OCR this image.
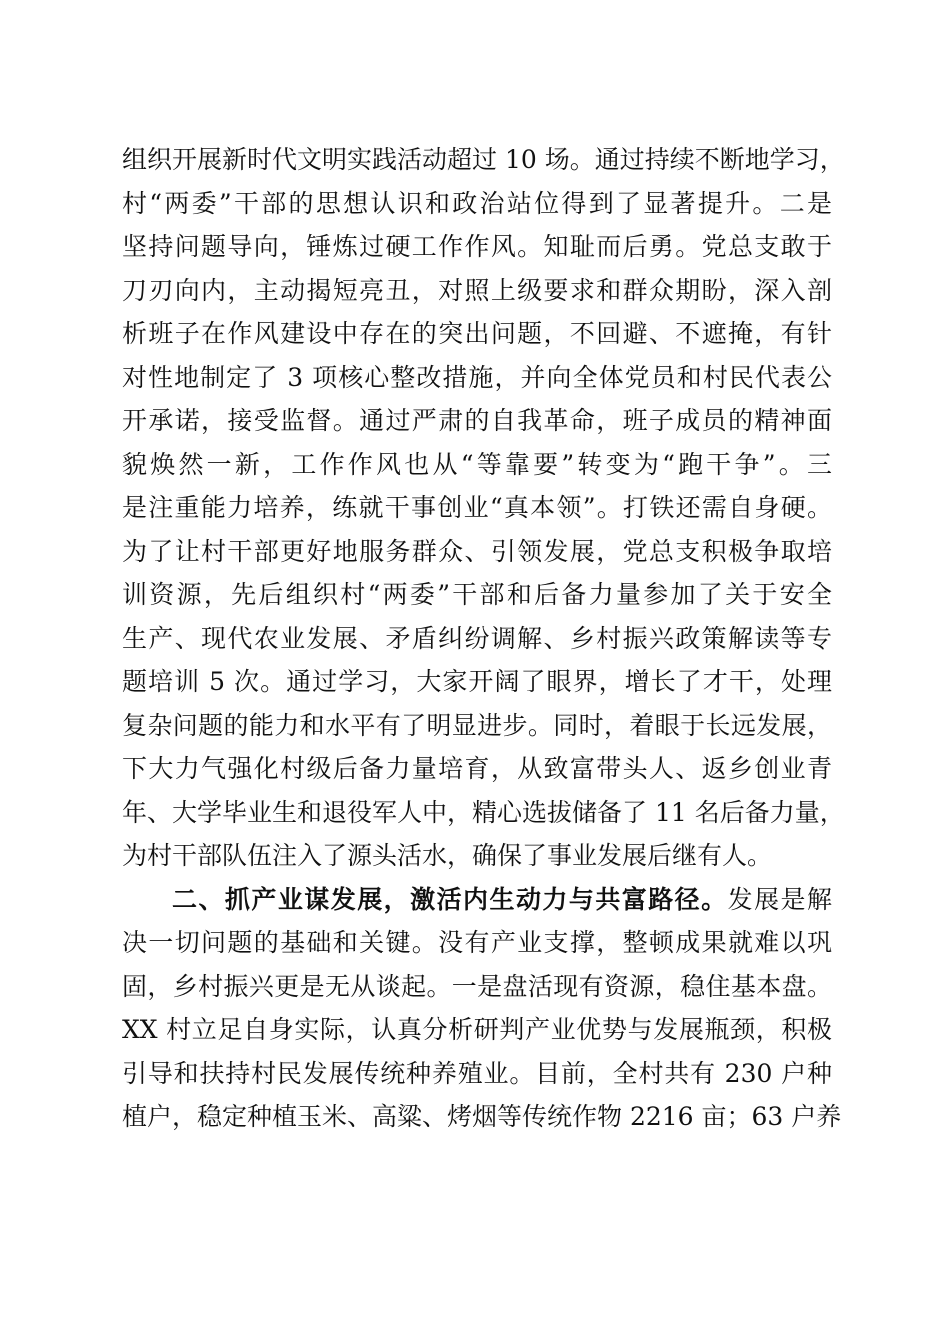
组织开展新时代文明实践活动超过 10 场。通过持续不断地学习，
村“两委”干部的思想认识和政治站位得到了显著提升。二是
坚持问题导向，锤炼过硬工作作风。知耻而后勇。党总支敢于
刀刃向内，主动揭短亮丑，对照上级要求和群众期盼，深入剖
析班子在作风建设中存在的突出问题，不回避、不遮掩，有针
对性地制定了 3 项核心整改措施，并向全体党员和村民代表公
开承诺，接受监督。通过严肃的自我革命，班子成员的精神面
貌焕然一新，工作作风也从“等靠要”转变为“跑干争”。三
是注重能力培养，练就干事创业“真本领”。打铁还需自身硬。
为了让村干部更好地服务群众、引领发展，党总支积极争取培
训资源，先后组织村“两委”干部和后备力量参加了关于安全
生产、现代农业发展、矛盾纠纷调解、乡村振兴政策解读等专
题培训 5 次。通过学习，大家开阔了眼界，增长了才干，处理
复杂问题的能力和水平有了明显进步。同时，着眼于长远发展，
下大力气强化村级后备力量培育，从致富带头人、返乡创业青
年、大学毕业生和退役军人中，精心选拔储备了 11 名后备力量，
为村干部队伍注入了源头活水，确保了事业发展后继有人。
二、抓产业谋发展，激活内生动力与共富路径。发展是解
决一切问题的基础和关键。没有产业支撑，整顿成果就难以巩
固，乡村振兴更是无从谈起。一是盘活现有资源，稳住基本盘。
XX 村立足自身实际，认真分析研判产业优势与发展瓶颈，积极
引导和扶持村民发展传统种养殖业。目前，全村共有 230 户种
植户，稳定种植玉米、高粱、烤烟等传统作物 2216 亩；63 户养
